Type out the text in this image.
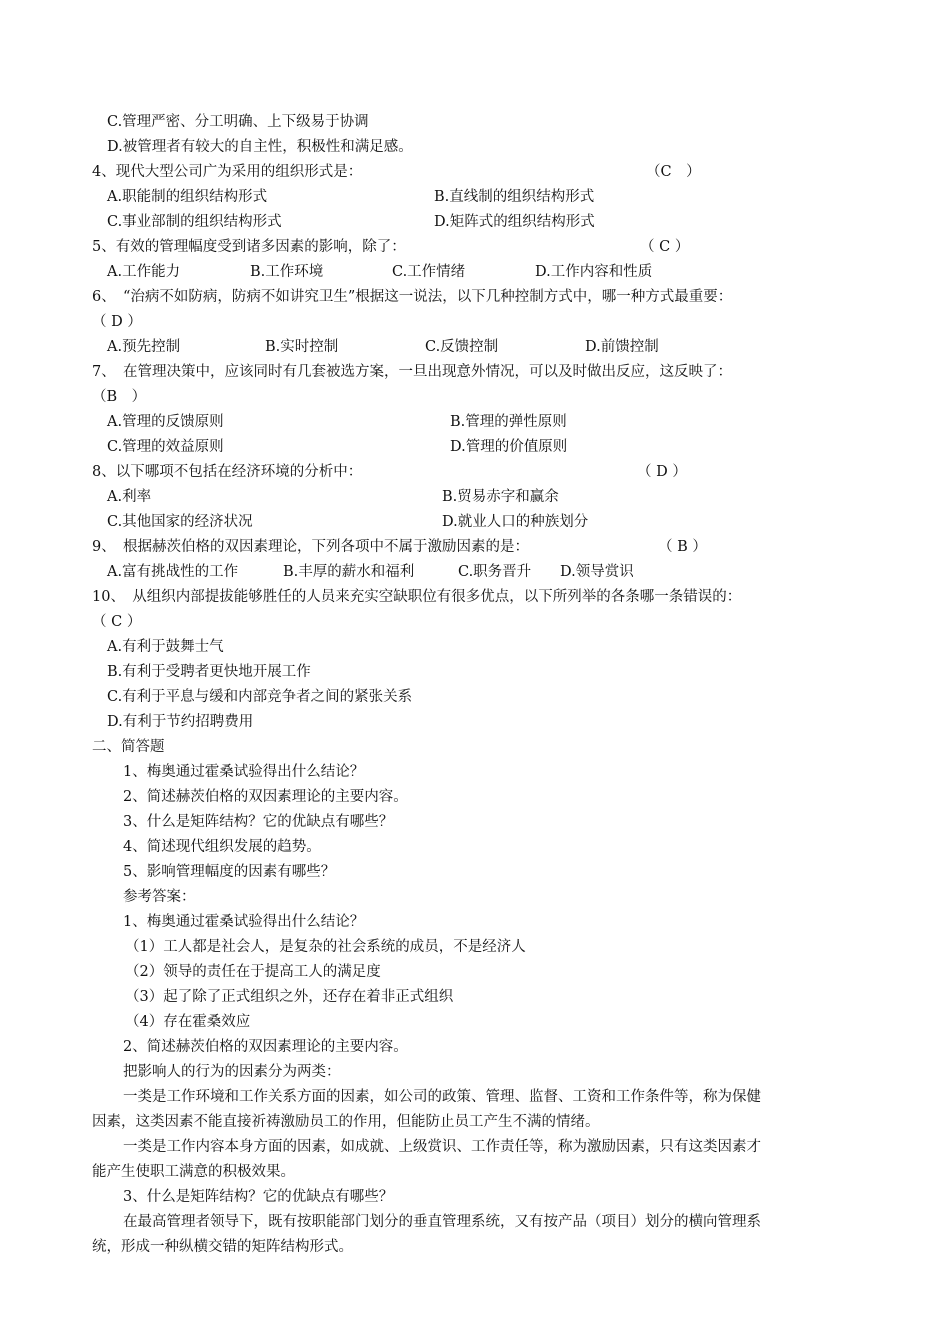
C.管理严密、分工明确、上下级易于协调
D.被管理者有较大的自主性，积极性和满足感。
4、现代大型公司广为采用的组织形式是：	（C　）
A.职能制的组织结构形式	B.直线制的组织结构形式
C.事业部制的组织结构形式	D.矩阵式的组织结构形式
5、有效的管理幅度受到诸多因素的影响，除了：	（ C ）
A.工作能力	B.工作环境	C.工作情绪	D.工作内容和性质
6、　“治病不如防病，防病不如讲究卫生”根据这一说法，以下几种控制方式中，哪一种方式最重要：
（ D ）
A.预先控制	B.实时控制	C.反馈控制	D.前馈控制
7、　在管理决策中，应该同时有几套被选方案，一旦出现意外情况，可以及时做出反应，这反映了：
（B　）
A.管理的反馈原则	B.管理的弹性原则
C.管理的效益原则	D.管理的价值原则
8、以下哪项不包括在经济环境的分析中：	（ D ）
A.利率	B.贸易赤字和赢余
C.其他国家的经济状况	D.就业人口的种族划分
9、　根据赫茨伯格的双因素理论，下列各项中不属于激励因素的是：	（ B ）
A.富有挑战性的工作	B.丰厚的薪水和福利	C.职务晋升 D.领导赏识
10、　从组织内部提拔能够胜任的人员来充实空缺职位有很多优点，以下所列举的各条哪一条错误的：
（ C ）
A.有利于鼓舞士气
B.有利于受聘者更快地开展工作
C.有利于平息与缓和内部竞争者之间的紧张关系
D.有利于节约招聘费用
二、简答题
1、梅奥通过霍桑试验得出什么结论？
2、简述赫茨伯格的双因素理论的主要内容。
3、什么是矩阵结构？它的优缺点有哪些？
4、简述现代组织发展的趋势。
5、影响管理幅度的因素有哪些？
参考答案：
1、梅奥通过霍桑试验得出什么结论？
（1）工人都是社会人，是复杂的社会系统的成员，不是经济人
（2）领导的责任在于提高工人的满足度
（3）起了除了正式组织之外，还存在着非正式组织
（4）存在霍桑效应
2、简述赫茨伯格的双因素理论的主要内容。
把影响人的行为的因素分为两类：
一类是工作环境和工作关系方面的因素，如公司的政策、管理、监督、工资和工作条件等，称为保健
因素，这类因素不能直接祈祷激励员工的作用，但能防止员工产生不满的情绪。
一类是工作内容本身方面的因素，如成就、上级赏识、工作责任等，称为激励因素，只有这类因素才
能产生使职工满意的积极效果。
3、什么是矩阵结构？它的优缺点有哪些？
在最高管理者领导下，既有按职能部门划分的垂直管理系统，又有按产品（项目）划分的横向管理系
统，形成一种纵横交错的矩阵结构形式。
